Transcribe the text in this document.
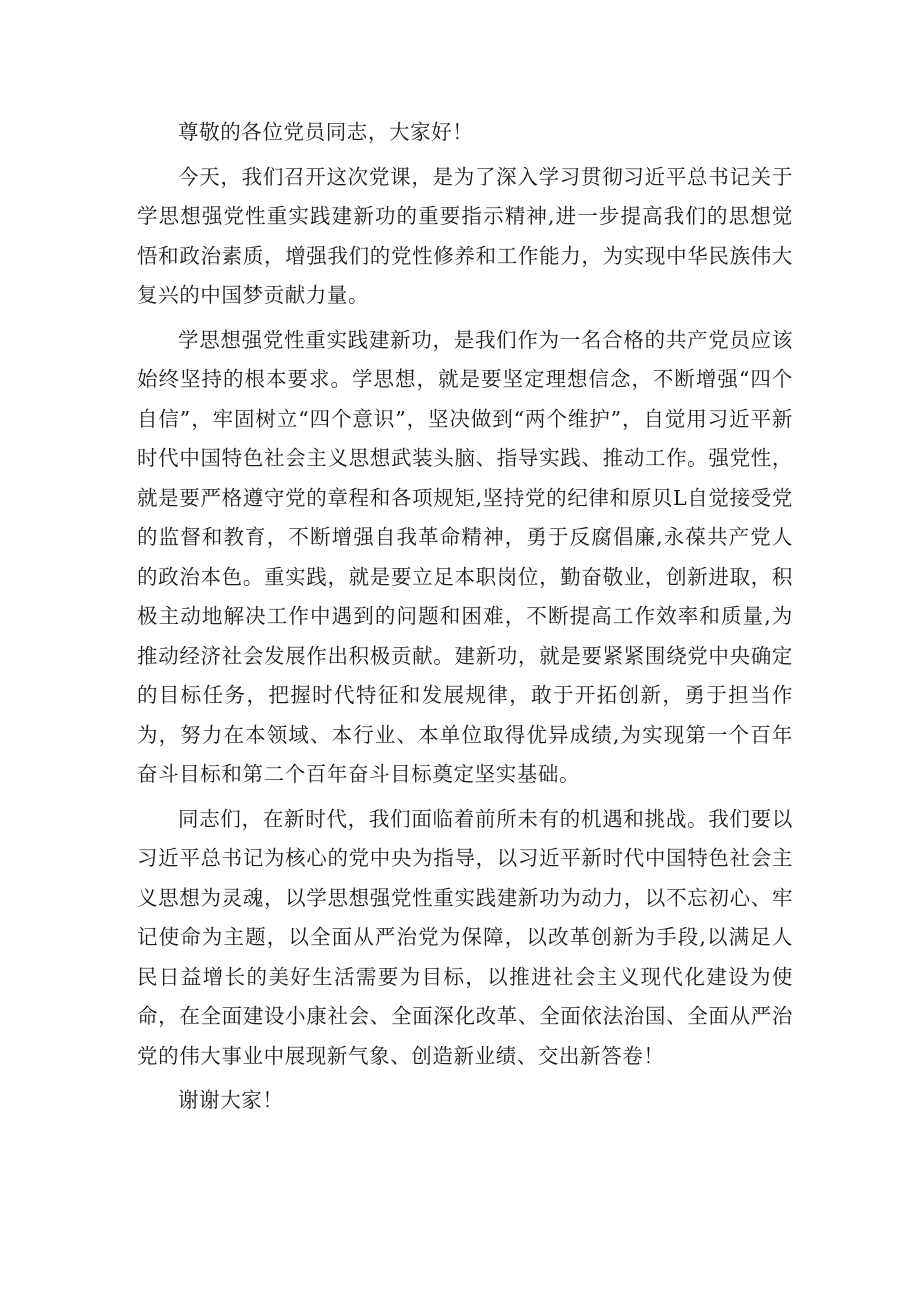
尊敬的各位党员同志，大家好！

今天，我们召开这次党课，是为了深入学习贯彻习近平总书记关于学思想强党性重实践建新功的重要指示精神,进一步提高我们的思想觉悟和政治素质，增强我们的党性修养和工作能力，为实现中华民族伟大复兴的中国梦贡献力量。

学思想强党性重实践建新功，是我们作为一名合格的共产党员应该始终坚持的根本要求。学思想，就是要坚定理想信念，不断增强“四个自信”，牢固树立“四个意识”，坚决做到“两个维护”，自觉用习近平新时代中国特色社会主义思想武装头脑、指导实践、推动工作。强党性，就是要严格遵守党的章程和各项规矩,坚持党的纪律和原贝L自觉接受党的监督和教育，不断增强自我革命精神，勇于反腐倡廉,永葆共产党人的政治本色。重实践，就是要立足本职岗位，勤奋敬业，创新进取，积极主动地解决工作中遇到的问题和困难，不断提高工作效率和质量,为推动经济社会发展作出积极贡献。建新功，就是要紧紧围绕党中央确定的目标任务，把握时代特征和发展规律，敢于开拓创新，勇于担当作为，努力在本领域、本行业、本单位取得优异成绩,为实现第一个百年奋斗目标和第二个百年奋斗目标奠定坚实基础。

同志们，在新时代，我们面临着前所未有的机遇和挑战。我们要以习近平总书记为核心的党中央为指导，以习近平新时代中国特色社会主义思想为灵魂，以学思想强党性重实践建新功为动力，以不忘初心、牢记使命为主题，以全面从严治党为保障，以改革创新为手段,以满足人民日益增长的美好生活需要为目标，以推进社会主义现代化建设为使命，在全面建设小康社会、全面深化改革、全面依法治国、全面从严治党的伟大事业中展现新气象、创造新业绩、交出新答卷！

谢谢大家！
